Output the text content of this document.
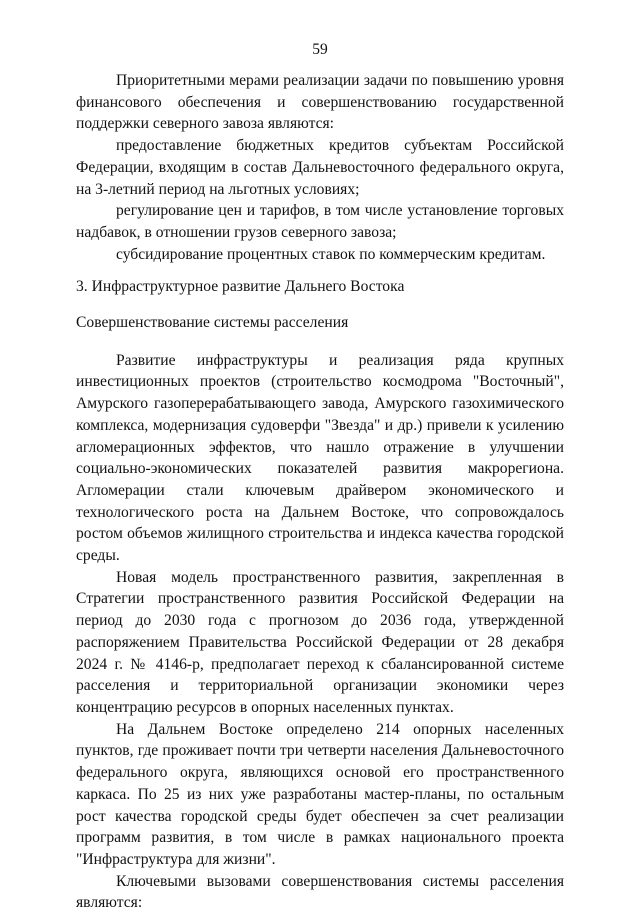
59

Приоритетными мерами реализации задачи по повышению уровня финансового обеспечения и совершенствованию государственной поддержки северного завоза являются:

предоставление бюджетных кредитов субъектам Российской Федерации, входящим в состав Дальневосточного федерального округа, на 3-летний период на льготных условиях;

регулирование цен и тарифов, в том числе установление торговых надбавок, в отношении грузов северного завоза;

субсидирование процентных ставок по коммерческим кредитам.

3. Инфраструктурное развитие Дальнего Востока

Совершенствование системы расселения

Развитие инфраструктуры и реализация ряда крупных инвестиционных проектов (строительство космодрома "Восточный", Амурского газоперерабатывающего завода, Амурского газохимического комплекса, модернизация судоверфи "Звезда" и др.) привели к усилению агломерационных эффектов, что нашло отражение в улучшении социально-экономических показателей развития макрорегиона. Агломерации стали ключевым драйвером экономического и технологического роста на Дальнем Востоке, что сопровождалось ростом объемов жилищного строительства и индекса качества городской среды.

Новая модель пространственного развития, закрепленная в Стратегии пространственного развития Российской Федерации на период до 2030 года с прогнозом до 2036 года, утвержденной распоряжением Правительства Российской Федерации от 28 декабря 2024 г. № 4146-р, предполагает переход к сбалансированной системе расселения и территориальной организации экономики через концентрацию ресурсов в опорных населенных пунктах.

На Дальнем Востоке определено 214 опорных населенных пунктов, где проживает почти три четверти населения Дальневосточного федерального округа, являющихся основой его пространственного каркаса. По 25 из них уже разработаны мастер-планы, по остальным рост качества городской среды будет обеспечен за счет реализации программ развития, в том числе в рамках национального проекта "Инфраструктура для жизни".

Ключевыми вызовами совершенствования системы расселения являются:
